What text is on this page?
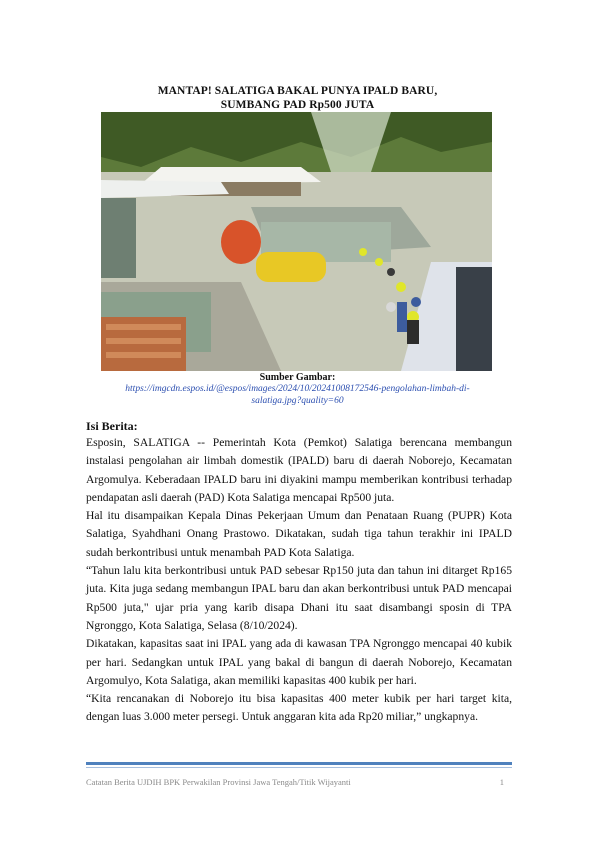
MANTAP! SALATIGA BAKAL PUNYA IPALD BARU,
SUMBANG PAD Rp500 JUTA
Sumber Gambar:
https://imgcdn.espos.id/@espos/images/2024/10/20241008172546-pengolahan-limbah-di-
salatiga.jpg?quality=60
Isi Berita:

Esposin, SALATIGA -- Pemerintah Kota (Pemkot) Salatiga berencana membangun instalasi pengolahan air limbah domestik (IPALD) baru di daerah Noborejo, Kecamatan Argomulya. Keberadaan IPALD baru ini diyakini mampu memberikan kontribusi terhadap pendapatan asli daerah (PAD) Kota Salatiga mencapai Rp500 juta.

Hal itu disampaikan Kepala Dinas Pekerjaan Umum dan Penataan Ruang (PUPR) Kota Salatiga, Syahdhani Onang Prastowo. Dikatakan, sudah tiga tahun terakhir ini IPALD sudah berkontribusi untuk menambah PAD Kota Salatiga.

“Tahun lalu kita berkontribusi untuk PAD sebesar Rp150 juta dan tahun ini ditarget Rp165 juta. Kita juga sedang membangun IPAL baru dan akan berkontribusi untuk PAD mencapai Rp500 juta," ujar pria yang karib disapa Dhani itu saat disambangi sposin di TPA Ngronggo, Kota Salatiga, Selasa (8/10/2024).

Dikatakan, kapasitas saat ini IPAL yang ada di kawasan TPA Ngronggo mencapai 40 kubik per hari. Sedangkan untuk IPAL yang bakal di bangun di daerah Noborejo, Kecamatan Argomulyo, Kota Salatiga, akan memiliki kapasitas 400 kubik per hari.

“Kita rencanakan di Noborejo itu bisa kapasitas 400 meter kubik per hari target kita, dengan luas 3.000 meter persegi. Untuk anggaran kita ada Rp20 miliar,” ungkapnya.

Catatan Berita UJDIH BPK Perwakilan Provinsi Jawa Tengah/Titik Wijayanti	1
